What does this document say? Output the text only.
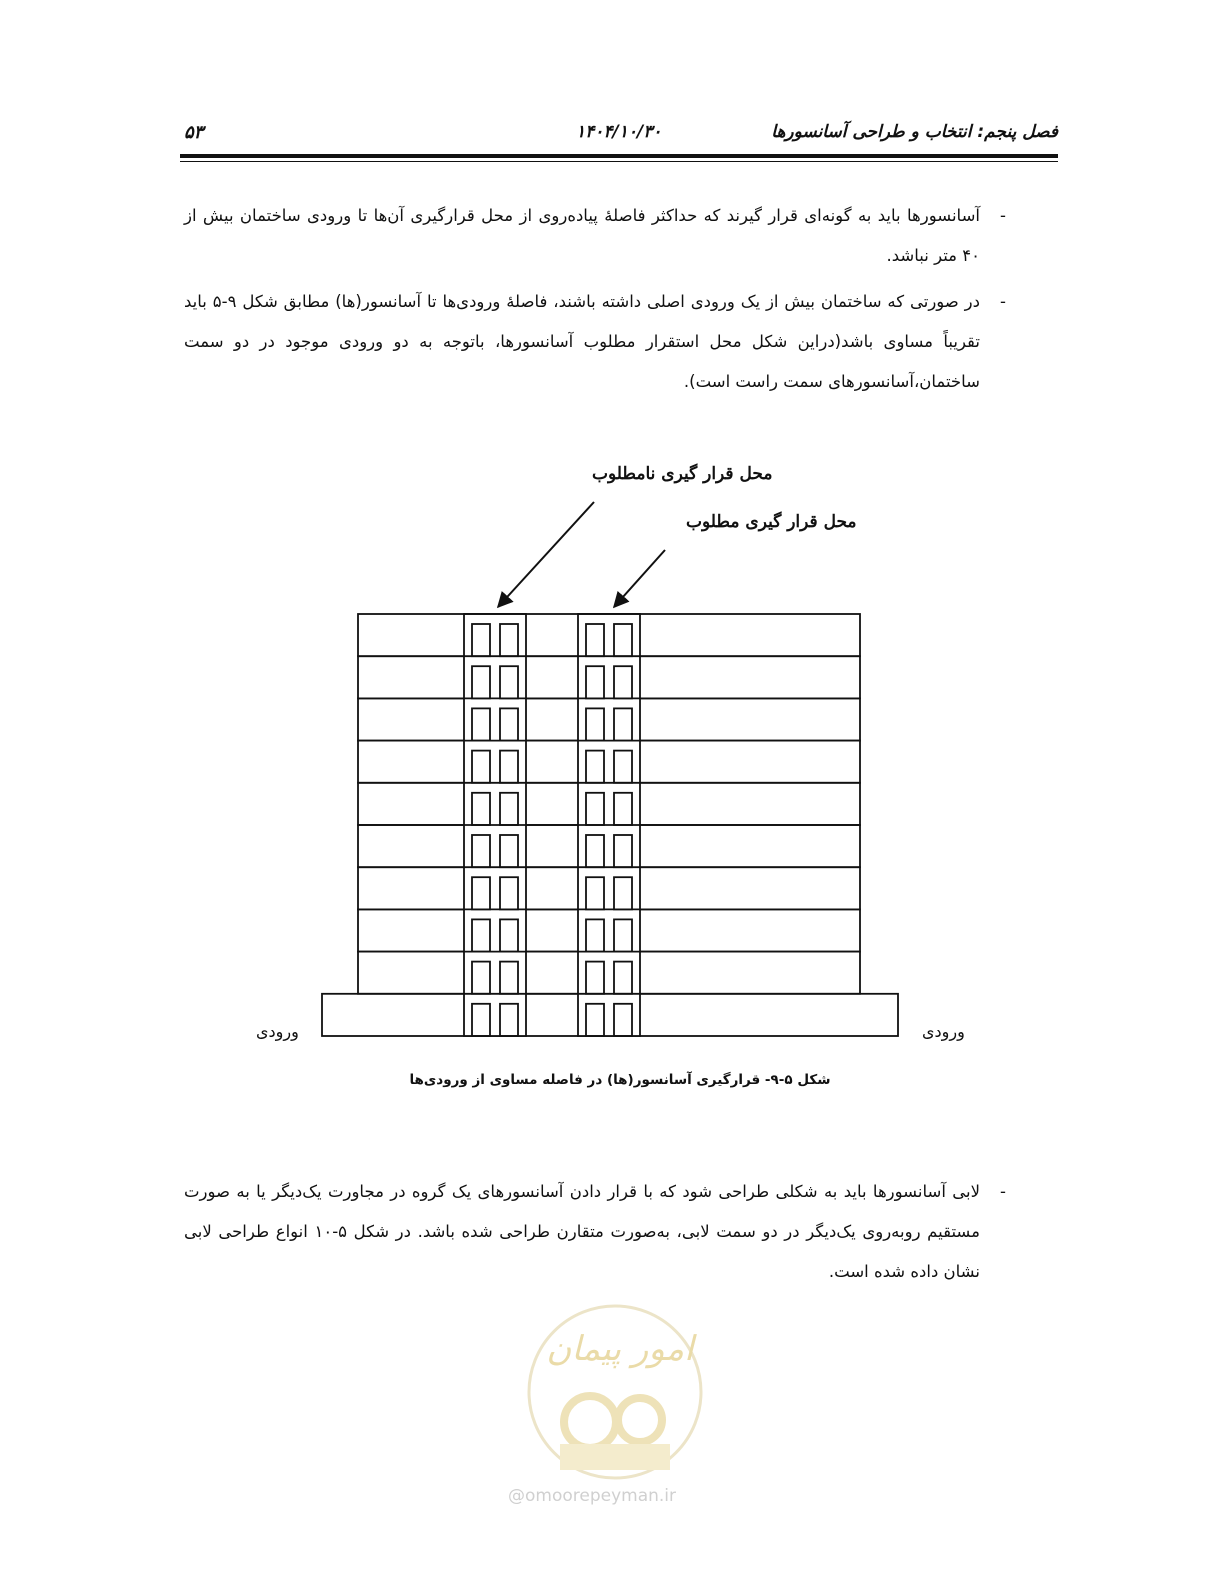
فصل پنجم: انتخاب و طراحی آسانسورها
۱۴۰۴/۱۰/۳۰
۵۳
-
آسانسورها باید به گونه‌ای قرار گیرند که حداکثر فاصلهٔ پیاده‌روی از محل قرارگیری آن‌ها تا ورودی ساختمان بیش از ۴۰ متر نباشد.
-
در صورتی که ساختمان بیش از یک ورودی اصلی داشته باشند، فاصلهٔ ورودی‌ها تا آسانسور(ها) مطابق شکل ۹-۵ باید تقریباً مساوی باشد(دراین شکل محل استقرار مطلوب آسانسورها، باتوجه به دو ورودی موجود در دو سمت ساختمان،آسانسورهای سمت راست است).
محل قرار گیری نامطلوب
محل قرار گیری مطلوب
ورودی	ورودی
شکل ۵-۹- قرارگیری آسانسور(ها) در فاصله مساوی از ورودی‌ها
-
لابی آسانسورها باید به شکلی طراحی شود که با قرار دادن آسانسورهای یک گروه در مجاورت یک‌دیگر یا به صورت مستقیم روبه‌روی یک‌دیگر در دو سمت لابی، به‌صورت متقارن طراحی شده باشد. در شکل ۵-۱۰ انواع طراحی لابی نشان داده شده است.
امور پیمان
@omoorepeyman.ir
